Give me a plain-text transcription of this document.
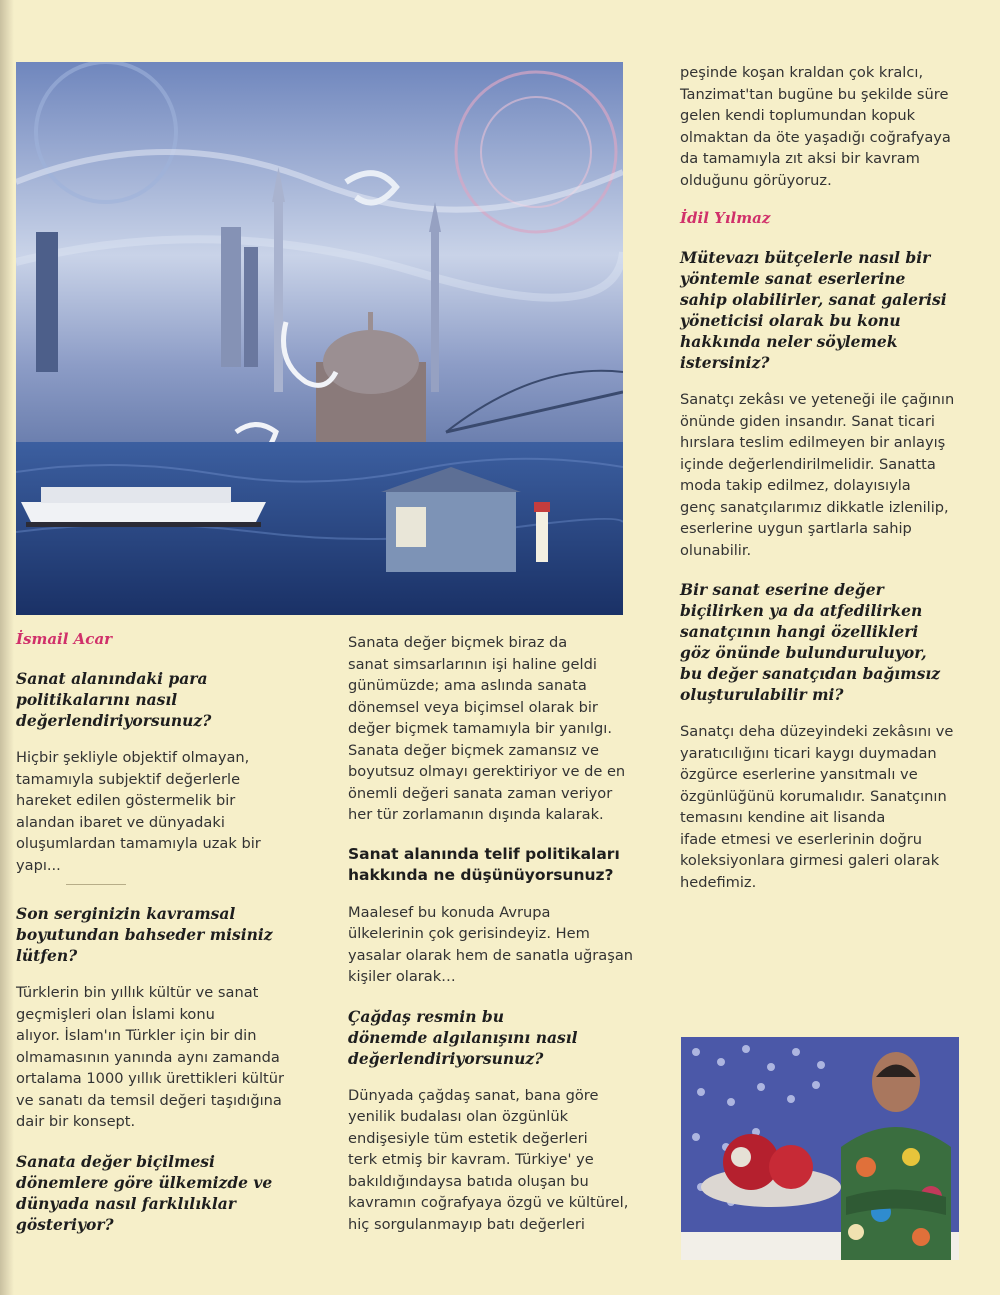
İsmail Acar
Sanat alanındaki para
politikalarını nasıl
değerlendiriyorsunuz?

Hiçbir şekliyle objektif olmayan,
tamamıyla subjektif değerlerle
hareket edilen göstermelik bir
alandan ibaret ve dünyadaki
oluşumlardan tamamıyla uzak bir
yapı...

Son serginizin kavramsal
boyutundan bahseder misiniz
lütfen?

Türklerin bin yıllık kültür ve sanat
geçmişleri olan İslami konu
alıyor. İslam'ın Türkler için bir din
olmamasının yanında aynı zamanda
ortalama 1000 yıllık ürettikleri kültür
ve sanatı da temsil değeri taşıdığına
dair bir konsept.

Sanata değer biçilmesi
dönemlere göre ülkemizde ve
dünyada nasıl farklılıklar
gösteriyor?

Sanata değer biçmek biraz da
sanat simsarlarının işi haline geldi
günümüzde; ama aslında sanata
dönemsel veya biçimsel olarak bir
değer biçmek tamamıyla bir yanılgı.
Sanata değer biçmek zamansız ve
boyutsuz olmayı gerektiriyor ve de en
önemli değeri sanata zaman veriyor
her tür zorlamanın dışında kalarak.

Sanat alanında telif politikaları
hakkında ne düşünüyorsunuz?

Maalesef bu konuda Avrupa
ülkelerinin çok gerisindeyiz. Hem
yasalar olarak hem de sanatla uğraşan
kişiler olarak…

Çağdaş resmin bu
dönemde algılanışını nasıl
değerlendiriyorsunuz?

Dünyada çağdaş sanat, bana göre
yenilik budalası olan özgünlük
endişesiyle tüm estetik değerleri
terk etmiş bir kavram. Türkiye' ye
bakıldığındaysa batıda oluşan bu
kavramın coğrafyaya özgü ve kültürel,
hiç sorgulanmayıp batı değerleri

peşinde koşan kraldan çok kralcı,
Tanzimat'tan bugüne bu şekilde süre
gelen kendi toplumundan kopuk
olmaktan da öte yaşadığı coğrafyaya
da tamamıyla zıt aksi bir kavram
olduğunu görüyoruz.

İdil Yılmaz
Mütevazı bütçelerle nasıl bir
yöntemle sanat eserlerine
sahip olabilirler, sanat galerisi
yöneticisi olarak bu konu
hakkında neler söylemek
istersiniz?

Sanatçı zekâsı ve yeteneği ile çağının
önünde giden insandır. Sanat ticari
hırslara teslim edilmeyen bir anlayış
içinde değerlendirilmelidir. Sanatta
moda takip edilmez, dolayısıyla
genç sanatçılarımız dikkatle izlenilip,
eserlerine uygun şartlarla sahip
olunabilir.

Bir sanat eserine değer
biçilirken ya da atfedilirken
sanatçının hangi özellikleri
göz önünde bulunduruluyor,
bu değer sanatçıdan bağımsız
oluşturulabilir mi?

Sanatçı deha düzeyindeki zekâsını ve
yaratıcılığını ticari kaygı duymadan
özgürce eserlerine yansıtmalı ve
özgünlüğünü korumalıdır. Sanatçının
temasını kendine ait lisanda
ifade etmesi ve eserlerinin doğru
koleksiyonlara girmesi galeri olarak
hedefimiz.
